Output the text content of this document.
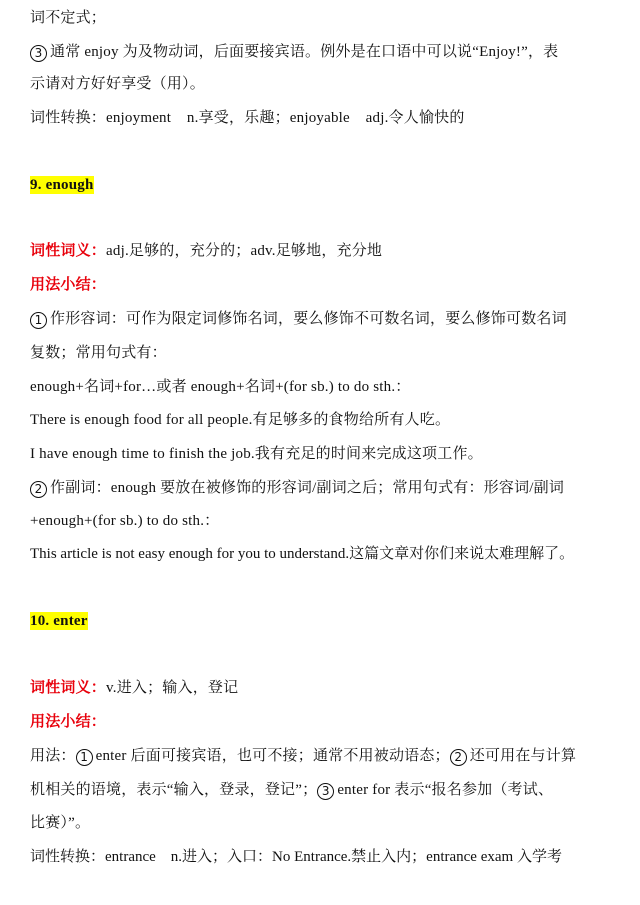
词不定式；
3 通常 enjoy 为及物动词，后面要接宾语。例外是在口语中可以说“Enjoy!”，表
示请对方好好享受（用）。
词性转换：enjoyment    n.享受，乐趣；enjoyable    adj.令人愉快的
9. enough
词性词义：adj.足够的，充分的；adv.足够地，充分地
用法小结：
1 作形容词：可作为限定词修饰名词，要么修饰不可数名词，要么修饰可数名词
复数；常用句式有：
enough+名词+for…或者 enough+名词+(for sb.) to do sth.：
There is enough food for all people.有足够多的食物给所有人吃。
I have enough time to finish the job.我有充足的时间来完成这项工作。
2 作副词：enough 要放在被修饰的形容词/副词之后；常用句式有：形容词/副词
+enough+(for sb.) to do sth.：
This article is not easy enough for you to understand.这篇文章对你们来说太难理解了。
10. enter
词性词义：v.进入；输入，登记
用法小结：
用法： 1 enter 后面可接宾语，也可不接；通常不用被动语态； 2 还可用在与计算
机相关的语境，表示“输入，登录，登记”； 3 enter for 表示“报名参加（考试、
比赛）”。
词性转换：entrance    n.进入；入口：No Entrance.禁止入内；entrance exam 入学考
